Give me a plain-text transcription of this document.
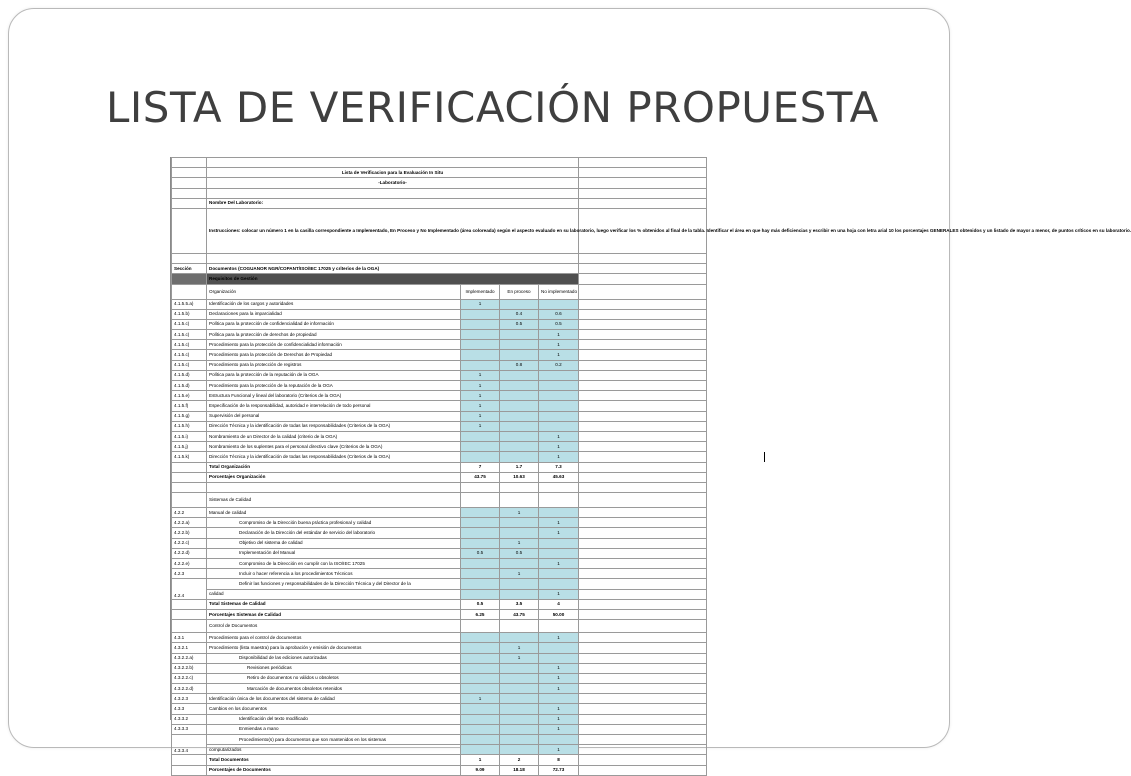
LISTA DE VERIFICACIÓN PROPUESTA

	Lista de Verificacion para la Evaluación In Situ				
	-Laboratorio-				

	Nombre Del Laboratorio:				
	Instrucciones: colocar un número 1 en la casilla correspondiente a Implementado, En Proceso y No Implementado (área coloreada) según el aspecto evaluado en su laboratorio, luego verificar los % obtenidos al final de la tabla. Identificar el área en que hay más deficiencias y escribir en una hoja con letra arial 10 los porcentajes GENERALES obtenidos y un listado de mayor a menor, de puntos críticos en su laboratorio.				

Sección	Documentos (COGUANOR NGR/COPANT/ISO/IEC 17025 y criterios de la OGA)				
	Requisitos de Gestión				
	Organización	Implementado	En proceso	No implementado	
4.1.5.5.a)	Identificación de los cargos y autoridades	1			
4.1.5.b)	Declaraciones para la imparcialidad		0.4	0.6	
4.1.5.c)	Política para la protección de confidencialidad de información		0.5	0.5	
4.1.5.c)	Política para la protección de derechos de propiedad			1	
4.1.5.c)	Procedimiento para la protección de confidencialidad información			1	
4.1.5.c)	Procedimiento para la protección de Derechos de Propiedad			1	
4.1.5.c)	Procedimiento para la protección de registros		0.8	0.2	
4.1.5.d)	Política para la protección de la reputación de la OGA	1			
4.1.5.d)	Procedimiento para la protección de la reputación de la OGA	1			
4.1.5.e)	Estructura Funcional y lineal del laboratorio (Criterios de la OGA)	1			
4.1.5.f)	Especificación de la responsabilidad, autoridad e interrelación de todo personal	1			
4.1.5.g)	Supervisión del personal	1			
4.1.5.h)	Dirección Técnica y la identificación de todas las responsabilidades (Criterios de la OGA)	1			
4.1.5.i)	Nombramiento de un Director de la calidad (criterio de la OGA)			1	
4.1.5.j)	Nombramiento de los suplentes para el personal directivo clave (Criterios de la OGA)			1	
4.1.5.k)	Dirección Técnica y la identificación de todas las responsabilidades (Criterios de la OGA)			1	
	Total Organización	7	1.7	7.3	
	Porcentajes Organización	43.75	10.63	45.63	

	Sistemas de Calidad				
4.2.2	Manual de calidad		1		
4.2.2.a)	Compromiso de la Dirección buena práctica profesional y calidad			1	
4.2.2.b)	Declaración de la Dirección del estándar de servicio del laboratorio			1	
4.2.2.c)	Objetivo del sistema de calidad		1		
4.2.2.d)	Implementación del Manual	0.5	0.5		
4.2.2.e)	Compromiso de la Dirección en cumplir con la ISO/IEC 17025			1	
4.2.3	Incluir o hacer referencia a los procedimientos Técnicos		1		
4.2.4	Definir las funciones y responsabilidades de la Dirección Técnica y del Director de la				
	calidad			1	
	Total Sistemas de Calidad	0.5	3.5	4	
	Porcentajes Sistemas de Calidad	6.25	43.75	50.00	
	Control de Documentos				
4.3.1	Procedimiento para el control de documentos			1	
4.3.2.1	Procedimiento (lista maestra) para la aprobación y emisión de documentos		1		
4.3.2.2.a)	Disponibilidad de las ediciones autorizadas		1		
4.3.2.2.b)	Revisiones periódicas			1	
4.3.2.2.c)	Retiro de documentos no válidos u obsoletos			1	
4.3.2.2.d)	Marcación de documentos obsoletos retenidos			1	
4.3.2.3	Identificación única de los documentos del sistema de calidad	1			
4.3.3	Cambios en los documentos			1	
4.3.3.2	Identificación del texto modificado			1	
4.3.3.3	Enmiendas a mano			1	
4.3.3.4	Procedimiento(s) para documentos que son mantenidos en los sistemas				
	computarizados			1	
	Total Documentos	1	2	8	
	Porcentajes de Documentos	9.09	18.18	72.73	
